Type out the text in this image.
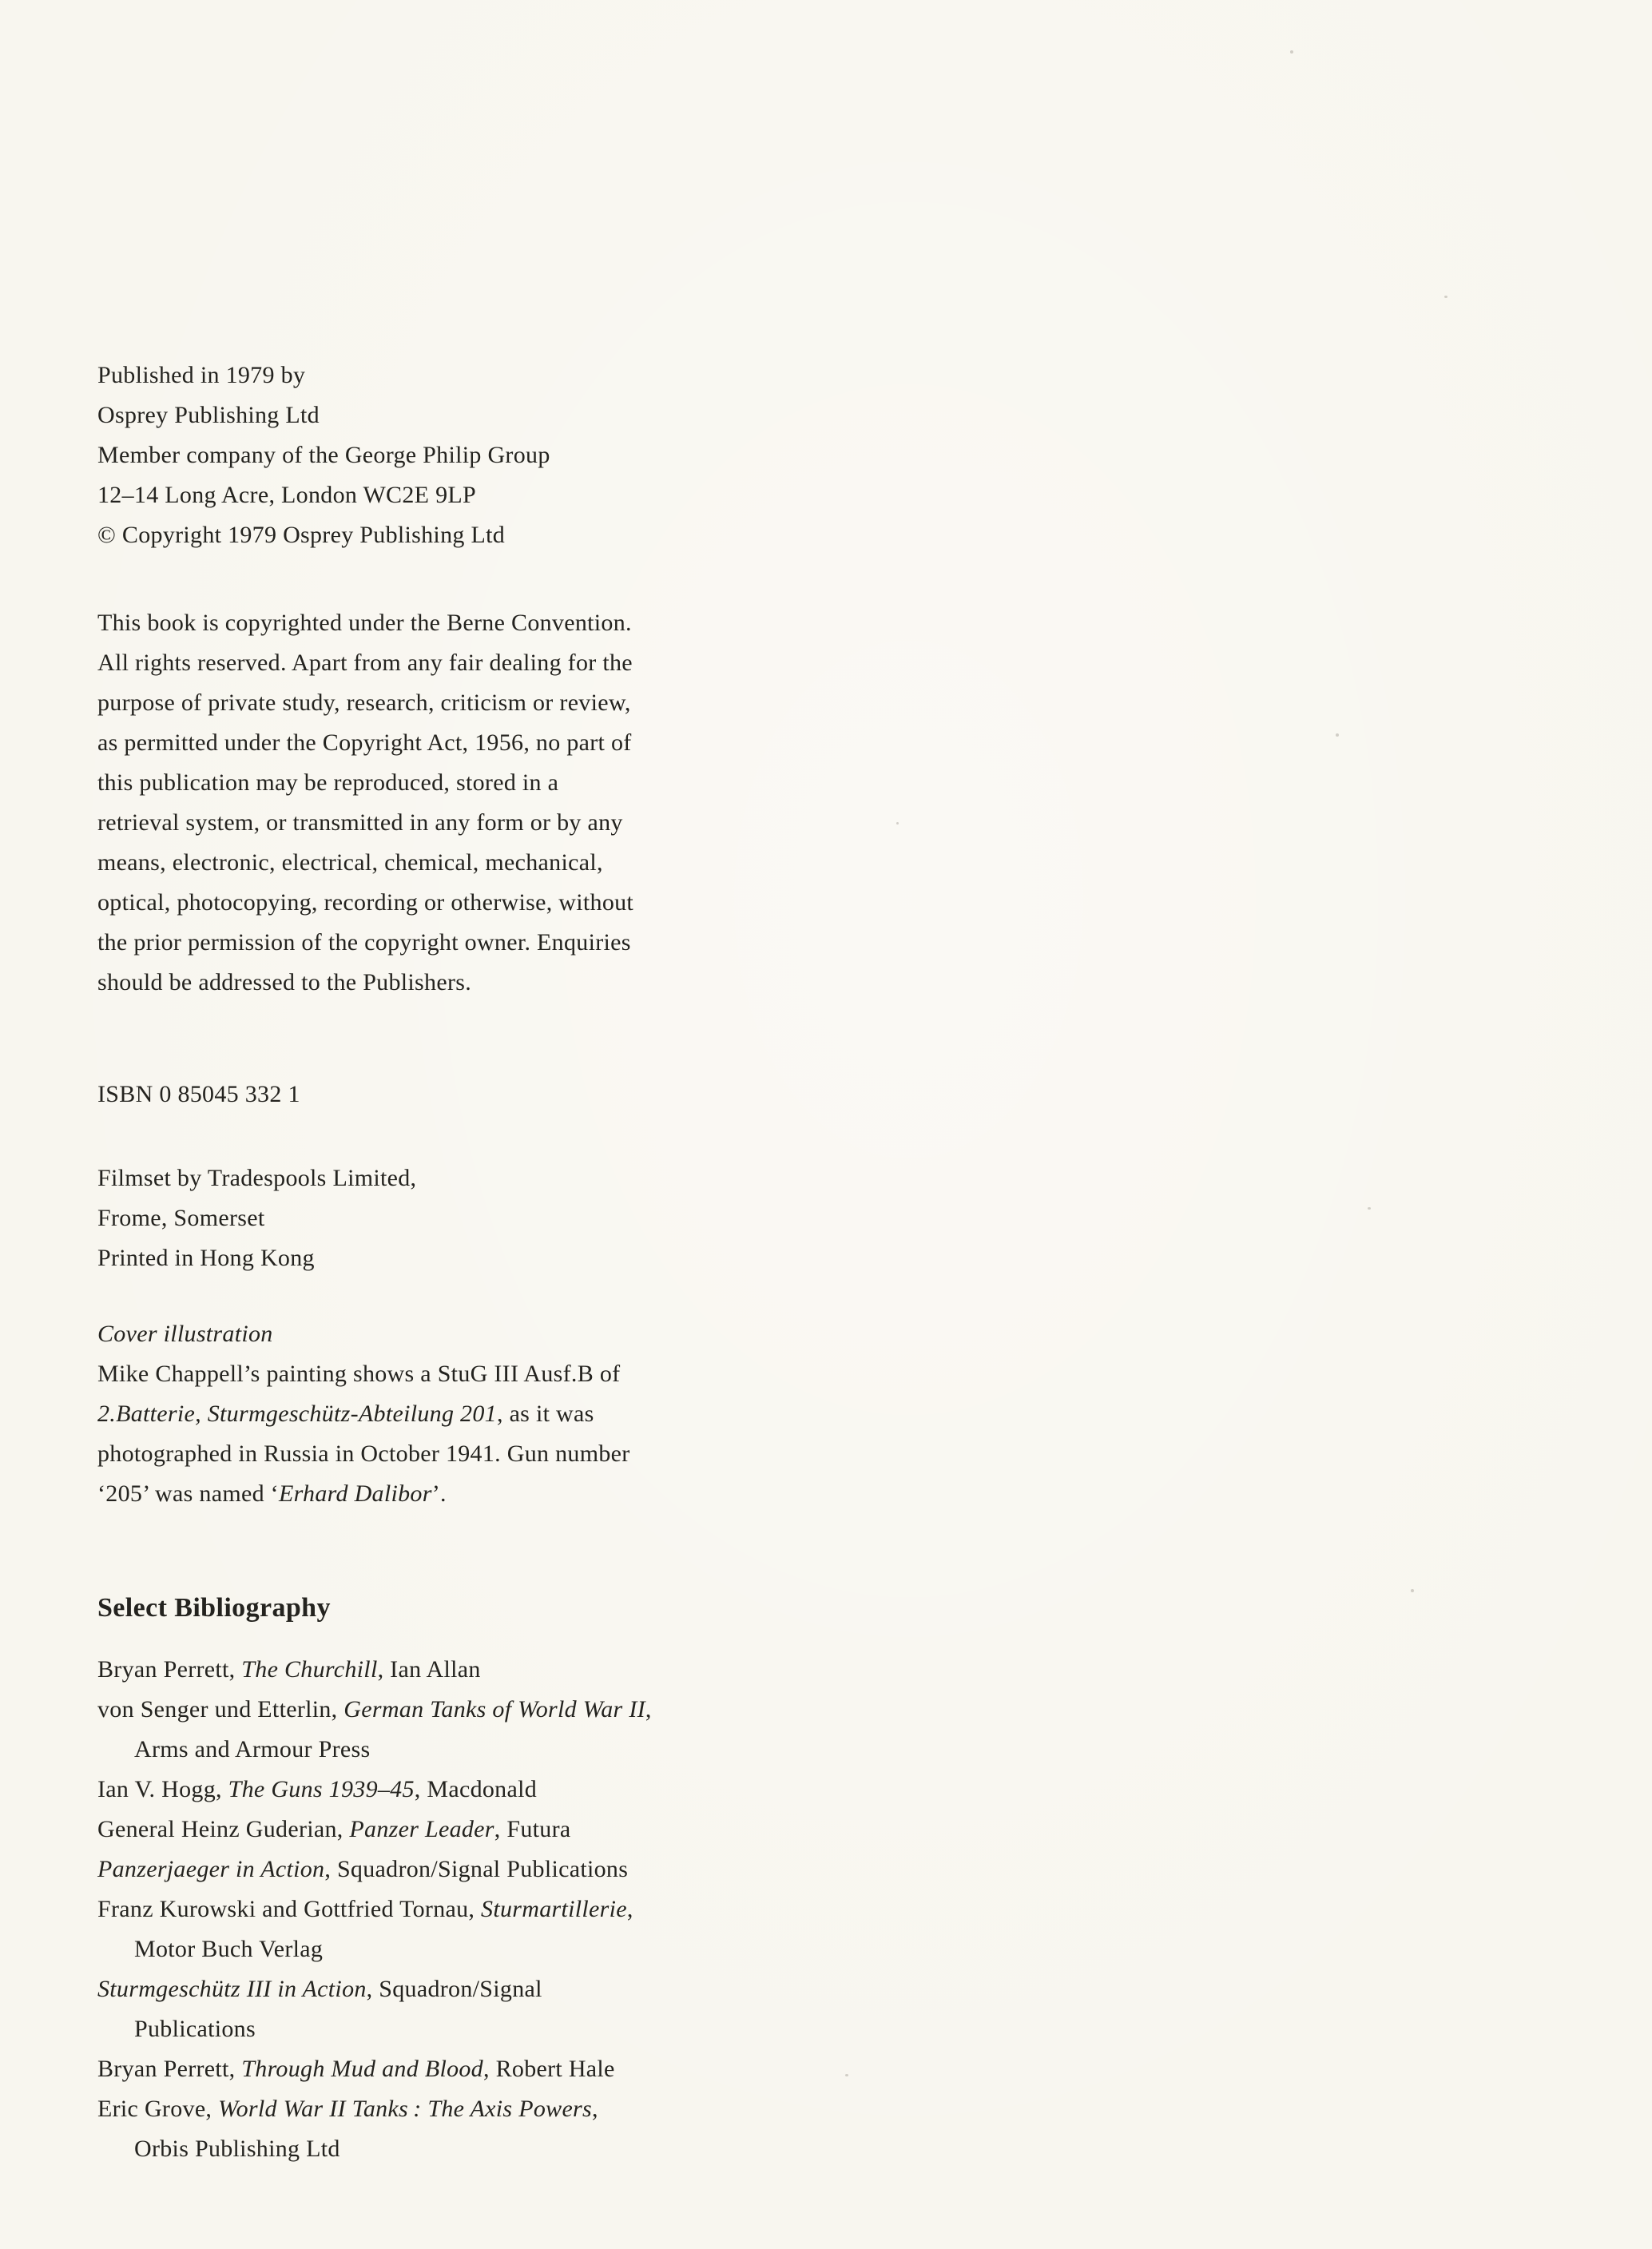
Published in 1979 by
Osprey Publishing Ltd
Member company of the George Philip Group
12–14 Long Acre, London WC2E 9LP
© Copyright 1979 Osprey Publishing Ltd
This book is copyrighted under the Berne Convention.
All rights reserved. Apart from any fair dealing for the
purpose of private study, research, criticism or review,
as permitted under the Copyright Act, 1956, no part of
this publication may be reproduced, stored in a
retrieval system, or transmitted in any form or by any
means, electronic, electrical, chemical, mechanical,
optical, photocopying, recording or otherwise, without
the prior permission of the copyright owner. Enquiries
should be addressed to the Publishers.
ISBN 0 85045 332 1
Filmset by Tradespools Limited,
Frome, Somerset
Printed in Hong Kong
Cover illustration
Mike Chappell’s painting shows a StuG III Ausf.B of
2.Batterie, Sturmgeschütz-Abteilung 201, as it was
photographed in Russia in October 1941. Gun number
‘205’ was named ‘Erhard Dalibor’.
Select Bibliography
Bryan Perrett, The Churchill, Ian Allan
von Senger und Etterlin, German Tanks of World War II,
Arms and Armour Press
Ian V. Hogg, The Guns 1939–45, Macdonald
General Heinz Guderian, Panzer Leader, Futura
Panzerjaeger in Action, Squadron/Signal Publications
Franz Kurowski and Gottfried Tornau, Sturmartillerie,
Motor Buch Verlag
Sturmgeschütz III in Action, Squadron/Signal
Publications
Bryan Perrett, Through Mud and Blood, Robert Hale
Eric Grove, World War II Tanks : The Axis Powers,
Orbis Publishing Ltd
